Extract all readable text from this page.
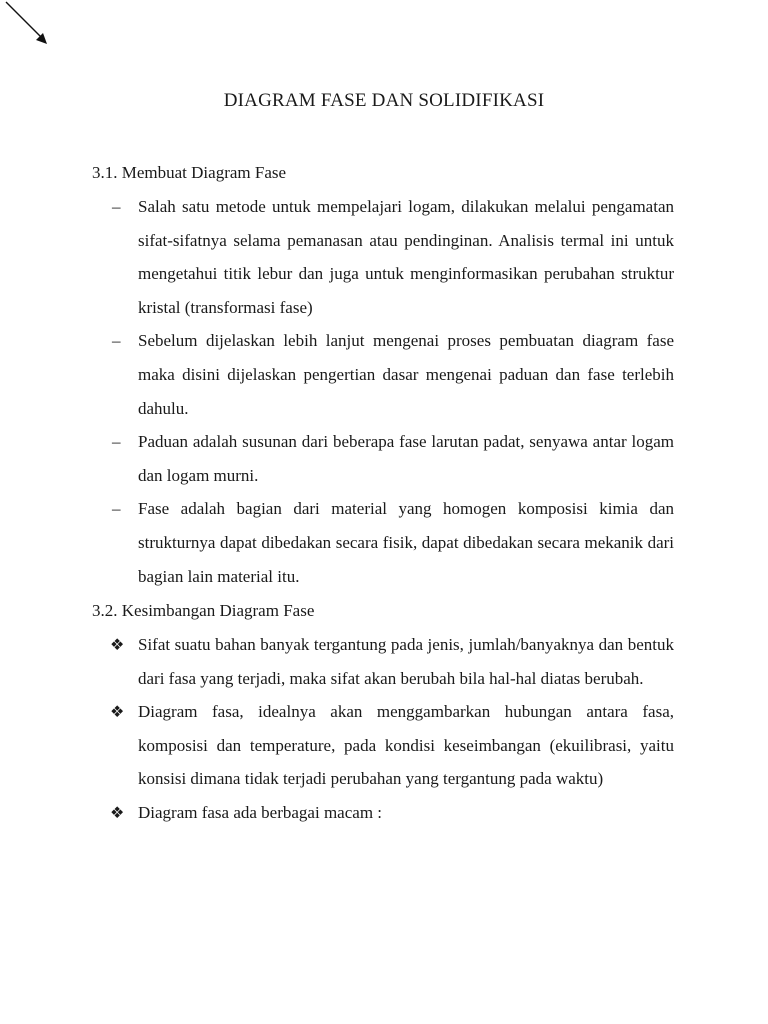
DIAGRAM FASE DAN SOLIDIFIKASI
3.1. Membuat Diagram Fase
–	Salah satu metode untuk mempelajari logam, dilakukan melalui pengamatan sifat-sifatnya selama pemanasan atau pendinginan. Analisis termal ini untuk mengetahui titik lebur dan juga untuk menginformasikan perubahan struktur kristal (transformasi fase)
–	Sebelum dijelaskan lebih lanjut mengenai proses pembuatan diagram fase maka disini dijelaskan pengertian dasar mengenai paduan dan fase terlebih dahulu.
–	Paduan adalah susunan dari beberapa fase larutan padat, senyawa antar logam dan logam murni.
–	Fase adalah bagian dari material yang homogen komposisi kimia dan strukturnya dapat dibedakan secara fisik, dapat dibedakan secara mekanik dari bagian lain material itu.
3.2. Kesimbangan Diagram Fase
❖ Sifat suatu bahan banyak tergantung pada jenis, jumlah/banyaknya dan bentuk dari fasa yang terjadi, maka sifat akan berubah bila hal-hal diatas berubah.
❖ Diagram fasa, idealnya akan menggambarkan hubungan antara fasa, komposisi dan temperature, pada kondisi keseimbangan (ekuilibrasi, yaitu konsisi dimana tidak terjadi perubahan yang tergantung pada waktu)
❖ Diagram fasa ada berbagai macam :
